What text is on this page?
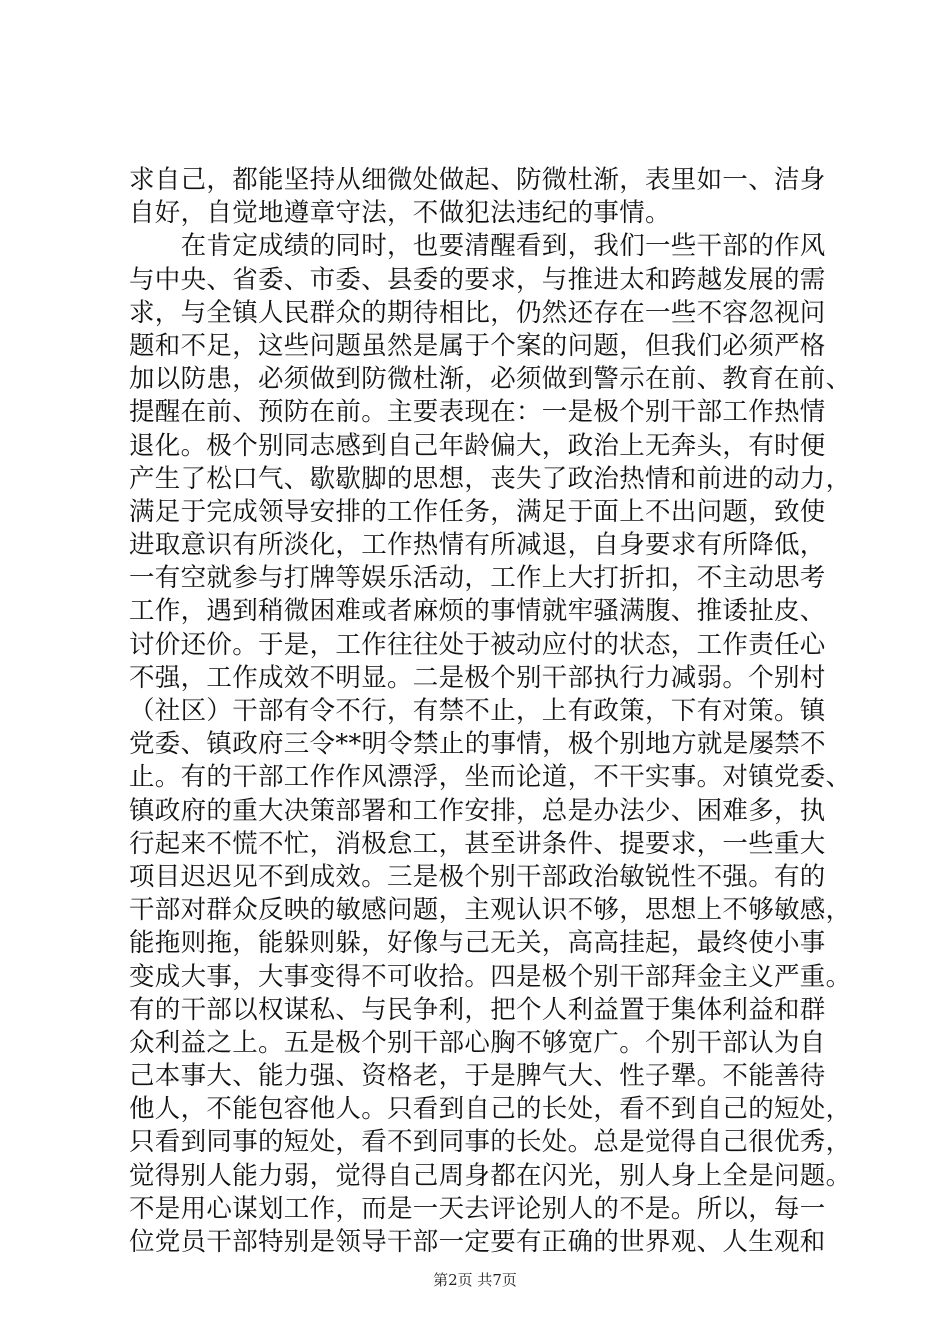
求自己，都能坚持从细微处做起、防微杜渐，表里如一、洁身
自好，自觉地遵章守法，不做犯法违纪的事情。
　　在肯定成绩的同时，也要清醒看到，我们一些干部的作风
与中央、省委、市委、县委的要求，与推进太和跨越发展的需
求，与全镇人民群众的期待相比，仍然还存在一些不容忽视问
题和不足，这些问题虽然是属于个案的问题，但我们必须严格
加以防患，必须做到防微杜渐，必须做到警示在前、教育在前、
提醒在前、预防在前。主要表现在：一是极个别干部工作热情
退化。极个别同志感到自己年龄偏大，政治上无奔头，有时便
产生了松口气、歇歇脚的思想，丧失了政治热情和前进的动力，
满足于完成领导安排的工作任务，满足于面上不出问题，致使
进取意识有所淡化，工作热情有所减退，自身要求有所降低，
一有空就参与打牌等娱乐活动，工作上大打折扣，不主动思考
工作，遇到稍微困难或者麻烦的事情就牢骚满腹、推诿扯皮、
讨价还价。于是，工作往往处于被动应付的状态，工作责任心
不强，工作成效不明显。二是极个别干部执行力减弱。个别村
（社区）干部有令不行，有禁不止，上有政策，下有对策。镇
党委、镇政府三令**明令禁止的事情，极个别地方就是屡禁不
止。有的干部工作作风漂浮，坐而论道，不干实事。对镇党委、
镇政府的重大决策部署和工作安排，总是办法少、困难多，执
行起来不慌不忙，消极怠工，甚至讲条件、提要求，一些重大
项目迟迟见不到成效。三是极个别干部政治敏锐性不强。有的
干部对群众反映的敏感问题，主观认识不够，思想上不够敏感，
能拖则拖，能躲则躲，好像与己无关，高高挂起，最终使小事
变成大事，大事变得不可收拾。四是极个别干部拜金主义严重。
有的干部以权谋私、与民争利，把个人利益置于集体利益和群
众利益之上。五是极个别干部心胸不够宽广。个别干部认为自
己本事大、能力强、资格老，于是脾气大、性子犟。不能善待
他人，不能包容他人。只看到自己的长处，看不到自己的短处，
只看到同事的短处，看不到同事的长处。总是觉得自己很优秀，
觉得别人能力弱，觉得自己周身都在闪光，别人身上全是问题。
不是用心谋划工作，而是一天去评论别人的不是。所以，每一
位党员干部特别是领导干部一定要有正确的世界观、人生观和
第2页 共7页
